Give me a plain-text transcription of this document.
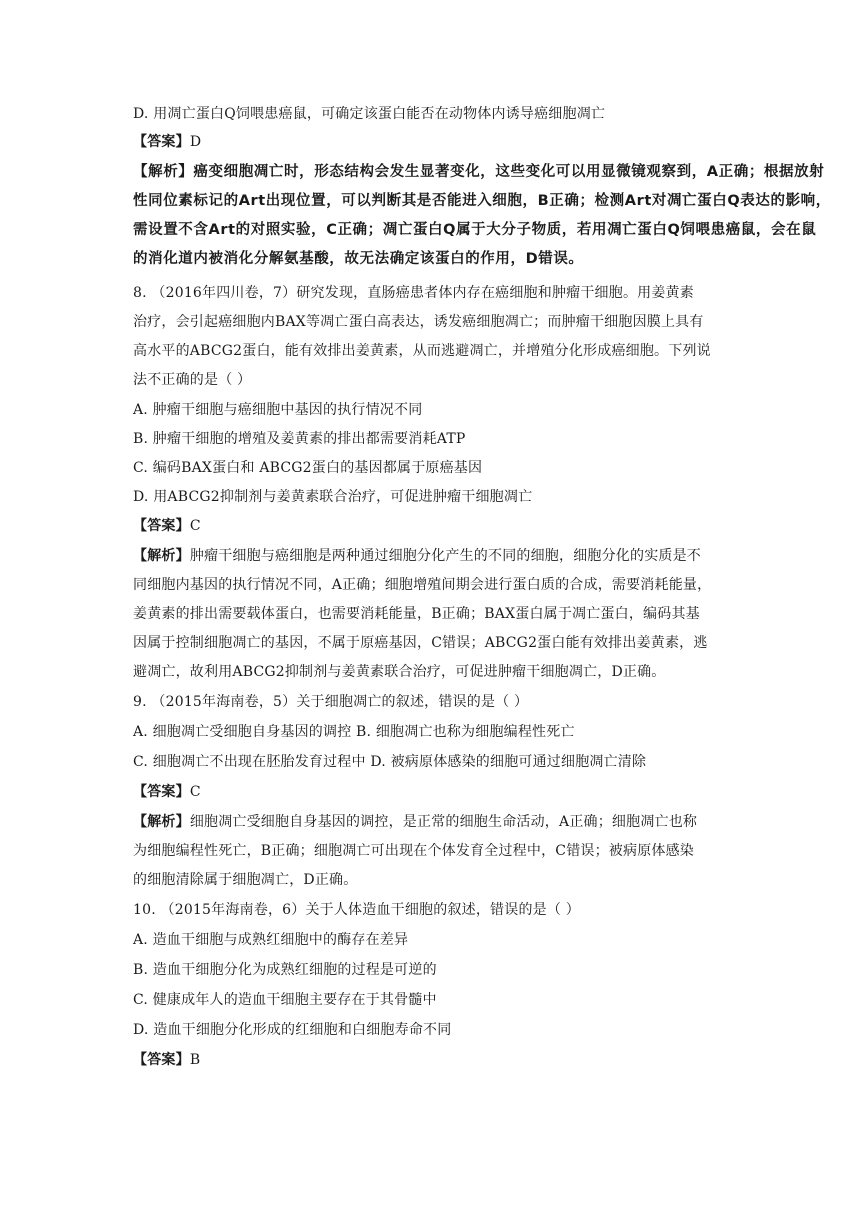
D. 用凋亡蛋白Q饲喂患癌鼠，可确定该蛋白能否在动物体内诱导癌细胞凋亡
【答案】D
【解析】癌变细胞凋亡时，形态结构会发生显著变化，这些变化可以用显微镜观察到，A正确；根据放射
性同位素标记的Art出现位置，可以判断其是否能进入细胞，B正确；检测Art对凋亡蛋白Q表达的影响，
需设置不含Art的对照实验，C正确；凋亡蛋白Q属于大分子物质，若用凋亡蛋白Q饲喂患癌鼠，会在鼠
的消化道内被消化分解氨基酸，故无法确定该蛋白的作用，D错误。
8. （2016年四川卷，7）研究发现，直肠癌患者体内存在癌细胞和肿瘤干细胞。用姜黄素
治疗，会引起癌细胞内BAX等凋亡蛋白高表达，诱发癌细胞凋亡；而肿瘤干细胞因膜上具有
高水平的ABCG2蛋白，能有效排出姜黄素，从而逃避凋亡，并增殖分化形成癌细胞。下列说
法不正确的是（ ）
A. 肿瘤干细胞与癌细胞中基因的执行情况不同
B. 肿瘤干细胞的增殖及姜黄素的排出都需要消耗ATP
C. 编码BAX蛋白和 ABCG2蛋白的基因都属于原癌基因
D. 用ABCG2抑制剂与姜黄素联合治疗，可促进肿瘤干细胞凋亡
【答案】C
【解析】肿瘤干细胞与癌细胞是两种通过细胞分化产生的不同的细胞，细胞分化的实质是不
同细胞内基因的执行情况不同，A正确；细胞增殖间期会进行蛋白质的合成，需要消耗能量，
姜黄素的排出需要载体蛋白，也需要消耗能量，B正确；BAX蛋白属于凋亡蛋白，编码其基
因属于控制细胞凋亡的基因，不属于原癌基因，C错误；ABCG2蛋白能有效排出姜黄素，逃
避凋亡，故利用ABCG2抑制剂与姜黄素联合治疗，可促进肿瘤干细胞凋亡，D正确。
9. （2015年海南卷，5）关于细胞凋亡的叙述，错误的是（ ）
A. 细胞凋亡受细胞自身基因的调控 B. 细胞凋亡也称为细胞编程性死亡
C. 细胞凋亡不出现在胚胎发育过程中 D. 被病原体感染的细胞可通过细胞凋亡清除
【答案】C
【解析】细胞凋亡受细胞自身基因的调控，是正常的细胞生命活动，A正确；细胞凋亡也称
为细胞编程性死亡，B正确；细胞凋亡可出现在个体发育全过程中，C错误；被病原体感染
的细胞清除属于细胞凋亡，D正确。
10. （2015年海南卷，6）关于人体造血干细胞的叙述，错误的是（ ）
A. 造血干细胞与成熟红细胞中的酶存在差异
B. 造血干细胞分化为成熟红细胞的过程是可逆的
C. 健康成年人的造血干细胞主要存在于其骨髓中
D. 造血干细胞分化形成的红细胞和白细胞寿命不同
【答案】B
